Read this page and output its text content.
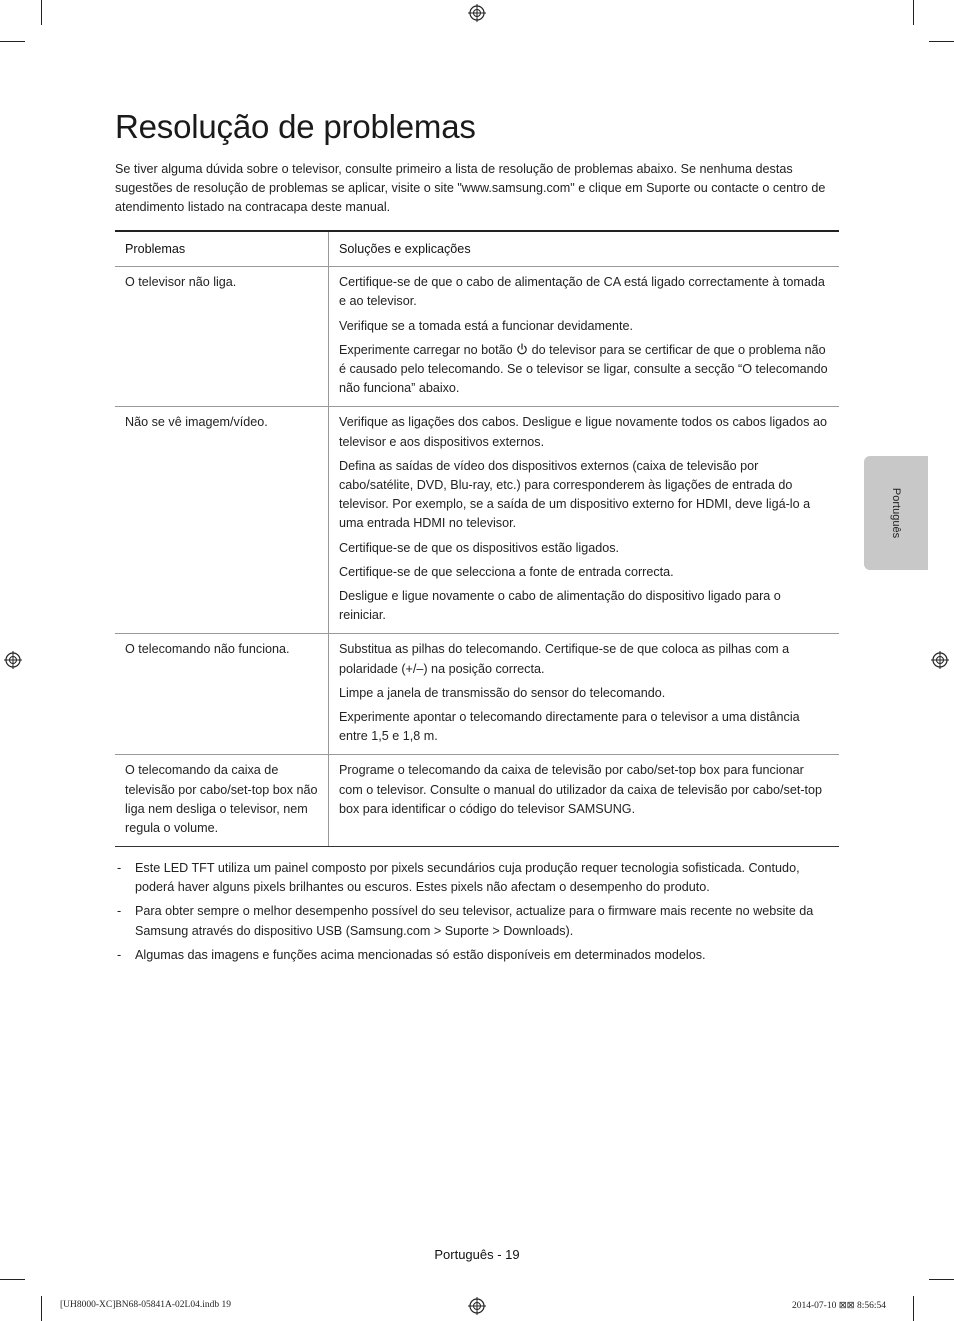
Resolução de problemas

Se tiver alguma dúvida sobre o televisor, consulte primeiro a lista de resolução de problemas abaixo. Se nenhuma destas sugestões de resolução de problemas se aplicar, visite o site "www.samsung.com" e clique em Suporte ou contacte o centro de atendimento listado na contracapa deste manual.

Problemas	Soluções e explicações
O televisor não liga.	Certifique-se de que o cabo de alimentação de CA está ligado correctamente à tomada e ao televisor.

Verifique se a tomada está a funcionar devidamente.

Experimente carregar no botão do televisor para se certificar de que o problema não é causado pelo telecomando. Se o televisor se ligar, consulte a secção “O telecomando não funciona” abaixo.

Não se vê imagem/vídeo.	Verifique as ligações dos cabos. Desligue e ligue novamente todos os cabos ligados ao televisor e aos dispositivos externos.

Defina as saídas de vídeo dos dispositivos externos (caixa de televisão por cabo/satélite, DVD, Blu-ray, etc.) para corresponderem às ligações de entrada do televisor. Por exemplo, se a saída de um dispositivo externo for HDMI, deve ligá-lo a uma entrada HDMI no televisor.

Certifique-se de que os dispositivos estão ligados.

Certifique-se de que selecciona a fonte de entrada correcta.

Desligue e ligue novamente o cabo de alimentação do dispositivo ligado para o reiniciar.

O telecomando não funciona.	Substitua as pilhas do telecomando. Certifique-se de que coloca as pilhas com a polaridade (+/–) na posição correcta.

Limpe a janela de transmissão do sensor do telecomando.

Experimente apontar o telecomando directamente para o televisor a uma distância entre 1,5 e 1,8 m.

O telecomando da caixa de televisão por cabo/set-top box não liga nem desliga o televisor, nem regula o volume.	Programe o telecomando da caixa de televisão por cabo/set-top box para funcionar com o televisor. Consulte o manual do utilizador da caixa de televisão por cabo/set-top box para identificar o código do televisor SAMSUNG.

- Este LED TFT utiliza um painel composto por pixels secundários cuja produção requer tecnologia sofisticada. Contudo, poderá haver alguns pixels brilhantes ou escuros. Estes pixels não afectam o desempenho do produto.
- Para obter sempre o melhor desempenho possível do seu televisor, actualize para o firmware mais recente no website da Samsung através do dispositivo USB (Samsung.com > Suporte > Downloads).
- Algumas das imagens e funções acima mencionadas só estão disponíveis em determinados modelos.
Português
Português - 19
[UH8000-XC]BN68-05841A-02L04.indb 19	2014-07-10 ⊠⊠ 8:56:54
